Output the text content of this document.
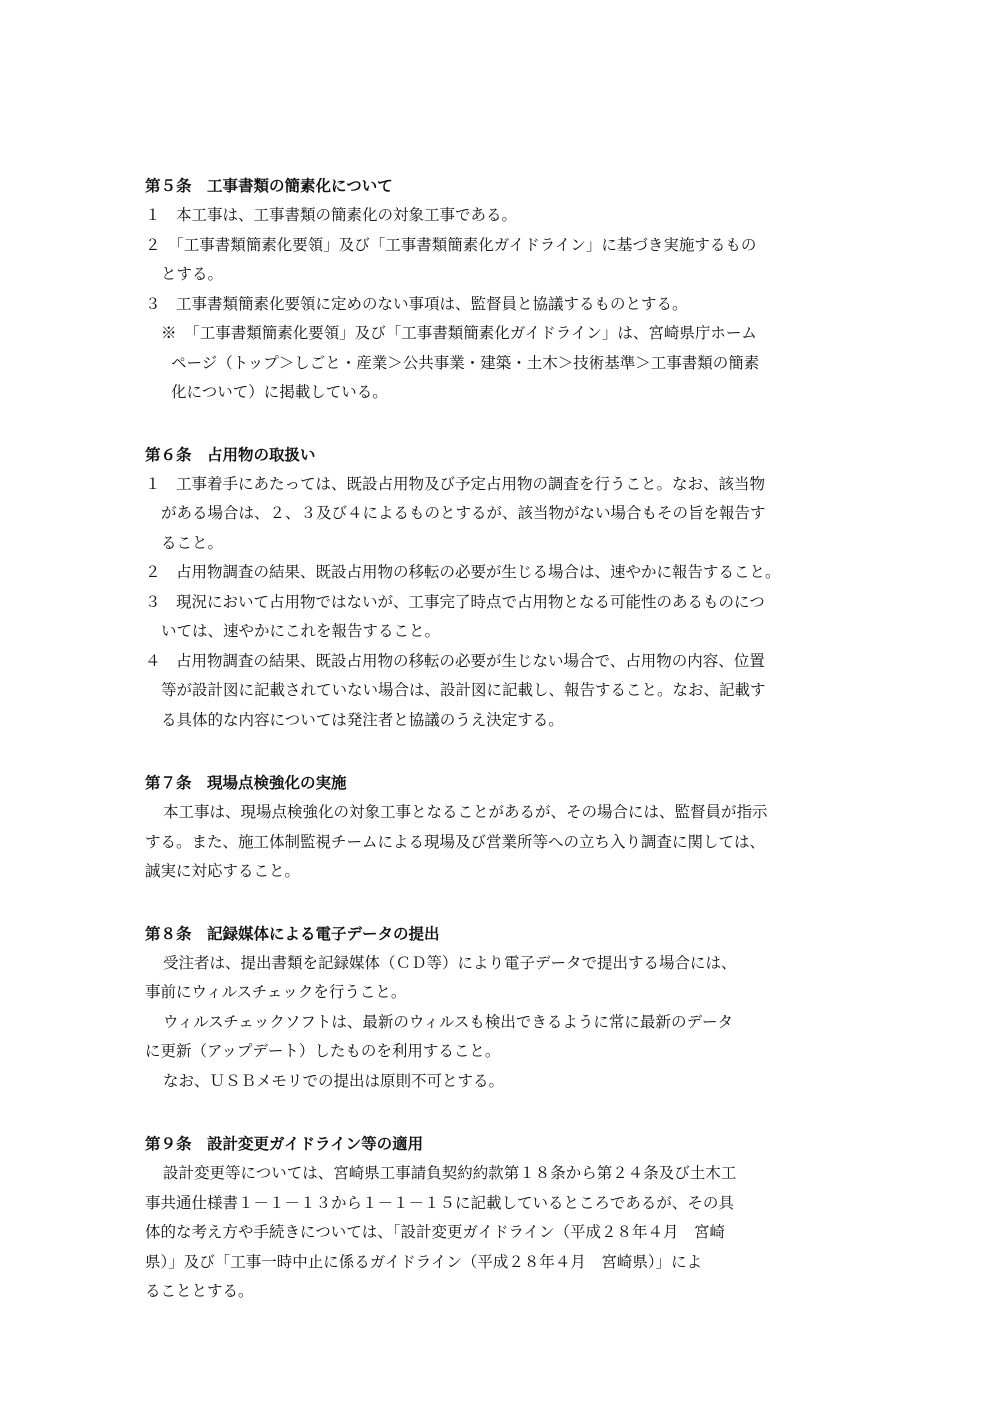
第５条　工事書類の簡素化について

１　本工事は、工事書類の簡素化の対象工事である。

２　「工事書類簡素化要領」及び「工事書類簡素化ガイドライン」に基づき実施するもの

とする。

３　工事書類簡素化要領に定めのない事項は、監督員と協議するものとする。

※　「工事書類簡素化要領」及び「工事書類簡素化ガイドライン」は、宮崎県庁ホーム

ページ（トップ＞しごと・産業＞公共事業・建築・土木＞技術基準＞工事書類の簡素

化について）に掲載している。

第６条　占用物の取扱い

１　工事着手にあたっては、既設占用物及び予定占用物の調査を行うこと。なお、該当物

がある場合は、２、３及び４によるものとするが、該当物がない場合もその旨を報告す

ること。

２　占用物調査の結果、既設占用物の移転の必要が生じる場合は、速やかに報告すること。

３　現況において占用物ではないが、工事完了時点で占用物となる可能性のあるものにつ

いては、速やかにこれを報告すること。

４　占用物調査の結果、既設占用物の移転の必要が生じない場合で、占用物の内容、位置

等が設計図に記載されていない場合は、設計図に記載し、報告すること。なお、記載す

る具体的な内容については発注者と協議のうえ決定する。

第７条　現場点検強化の実施

本工事は、現場点検強化の対象工事となることがあるが、その場合には、監督員が指示

する。また、施工体制監視チームによる現場及び営業所等への立ち入り調査に関しては、

誠実に対応すること。

第８条　記録媒体による電子データの提出

受注者は、提出書類を記録媒体（ＣＤ等）により電子データで提出する場合には、

事前にウィルスチェックを行うこと。

ウィルスチェックソフトは、最新のウィルスも検出できるように常に最新のデータ

に更新（アップデート）したものを利用すること。

なお、ＵＳＢメモリでの提出は原則不可とする。

第９条　設計変更ガイドライン等の適用

設計変更等については、宮崎県工事請負契約約款第１８条から第２４条及び土木工

事共通仕様書１－１－１３から１－１－１５に記載しているところであるが、その具

体的な考え方や手続きについては、「設計変更ガイドライン（平成２８年４月　宮崎

県）」及び「工事一時中止に係るガイドライン（平成２８年４月　宮崎県）」によ

ることとする。
